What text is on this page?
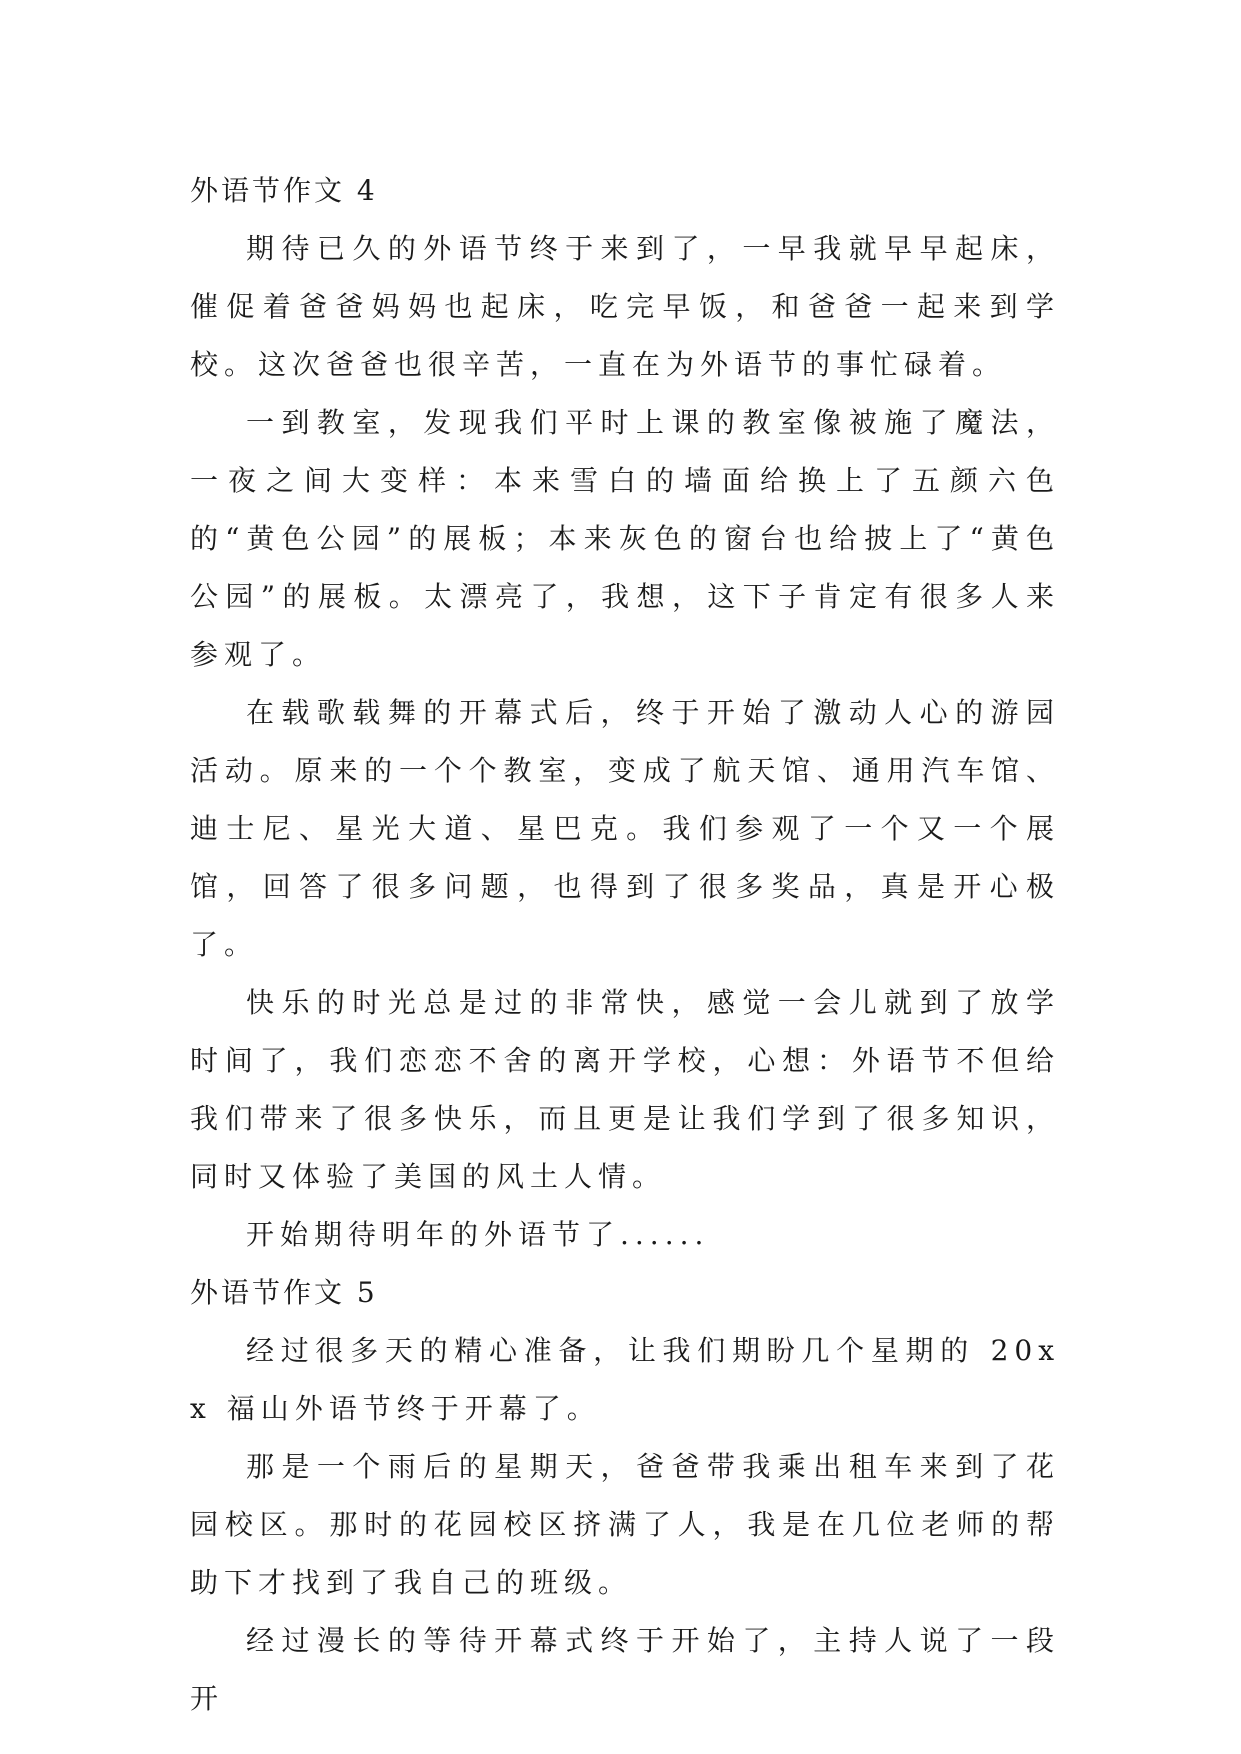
外语节作文 4

期待已久的外语节终于来到了，一早我就早早起床，催促着爸爸妈妈也起床，吃完早饭，和爸爸一起来到学校。这次爸爸也很辛苦，一直在为外语节的事忙碌着。

一到教室，发现我们平时上课的教室像被施了魔法，一夜之间大变样：本来雪白的墙面给换上了五颜六色的“黄色公园”的展板；本来灰色的窗台也给披上了“黄色公园”的展板。太漂亮了，我想，这下子肯定有很多人来参观了。

在载歌载舞的开幕式后，终于开始了激动人心的游园活动。原来的一个个教室，变成了航天馆、通用汽车馆、迪士尼、星光大道、星巴克。我们参观了一个又一个展馆，回答了很多问题，也得到了很多奖品，真是开心极了。

快乐的时光总是过的非常快，感觉一会儿就到了放学时间了，我们恋恋不舍的离开学校，心想：外语节不但给我们带来了很多快乐，而且更是让我们学到了很多知识，同时又体验了美国的风土人情。

开始期待明年的外语节了......

外语节作文 5

经过很多天的精心准备，让我们期盼几个星期的 20xx 福山外语节终于开幕了。

那是一个雨后的星期天，爸爸带我乘出租车来到了花园校区。那时的花园校区挤满了人，我是在几位老师的帮助下才找到了我自己的班级。

经过漫长的等待开幕式终于开始了，主持人说了一段开
